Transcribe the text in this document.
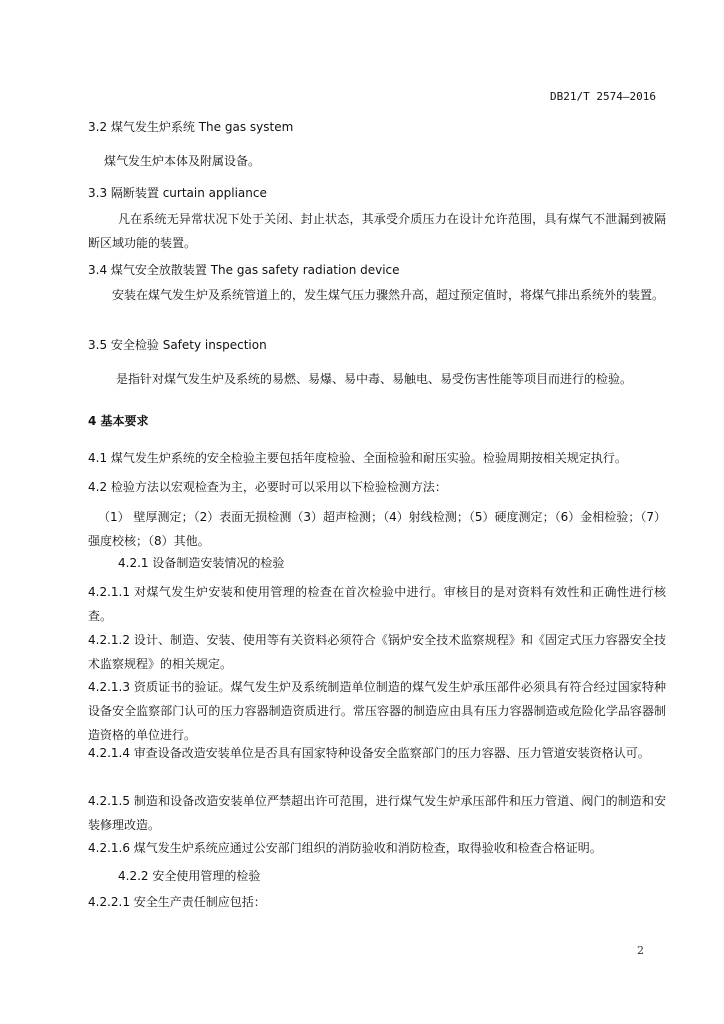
DB21/T 2574—2016
3.2 煤气发生炉系统 The gas system
煤气发生炉本体及附属设备。
3.3 隔断装置 curtain appliance
凡在系统无异常状况下处于关闭、封止状态，其承受介质压力在设计允许范围，具有煤气不泄漏到被隔断区域功能的装置。
3.4 煤气安全放散装置 The gas safety radiation device
安装在煤气发生炉及系统管道上的，发生煤气压力骤然升高，超过预定值时，将煤气排出系统外的装置。
3.5 安全检验 Safety inspection
是指针对煤气发生炉及系统的易燃、易爆、易中毒、易触电、易受伤害性能等项目而进行的检验。
4 基本要求
4.1 煤气发生炉系统的安全检验主要包括年度检验、全面检验和耐压实验。检验周期按相关规定执行。
4.2 检验方法以宏观检查为主，必要时可以采用以下检验检测方法：
（1） 壁厚测定；（2）表面无损检测（3）超声检测；（4）射线检测；（5）硬度测定；（6）金相检验；（7）强度校核；（8）其他。
4.2.1 设备制造安装情况的检验
4.2.1.1 对煤气发生炉安装和使用管理的检查在首次检验中进行。审核目的是对资料有效性和正确性进行核查。
4.2.1.2 设计、制造、安装、使用等有关资料必须符合《锅炉安全技术监察规程》和《固定式压力容器安全技术监察规程》的相关规定。
4.2.1.3 资质证书的验证。煤气发生炉及系统制造单位制造的煤气发生炉承压部件必须具有符合经过国家特种设备安全监察部门认可的压力容器制造资质进行。常压容器的制造应由具有压力容器制造或危险化学品容器制造资格的单位进行。
4.2.1.4 审查设备改造安装单位是否具有国家特种设备安全监察部门的压力容器、压力管道安装资格认可。
4.2.1.5 制造和设备改造安装单位严禁超出许可范围，进行煤气发生炉承压部件和压力管道、阀门的制造和安装修理改造。
4.2.1.6 煤气发生炉系统应通过公安部门组织的消防验收和消防检查，取得验收和检查合格证明。
4.2.2 安全使用管理的检验
4.2.2.1 安全生产责任制应包括：
2
